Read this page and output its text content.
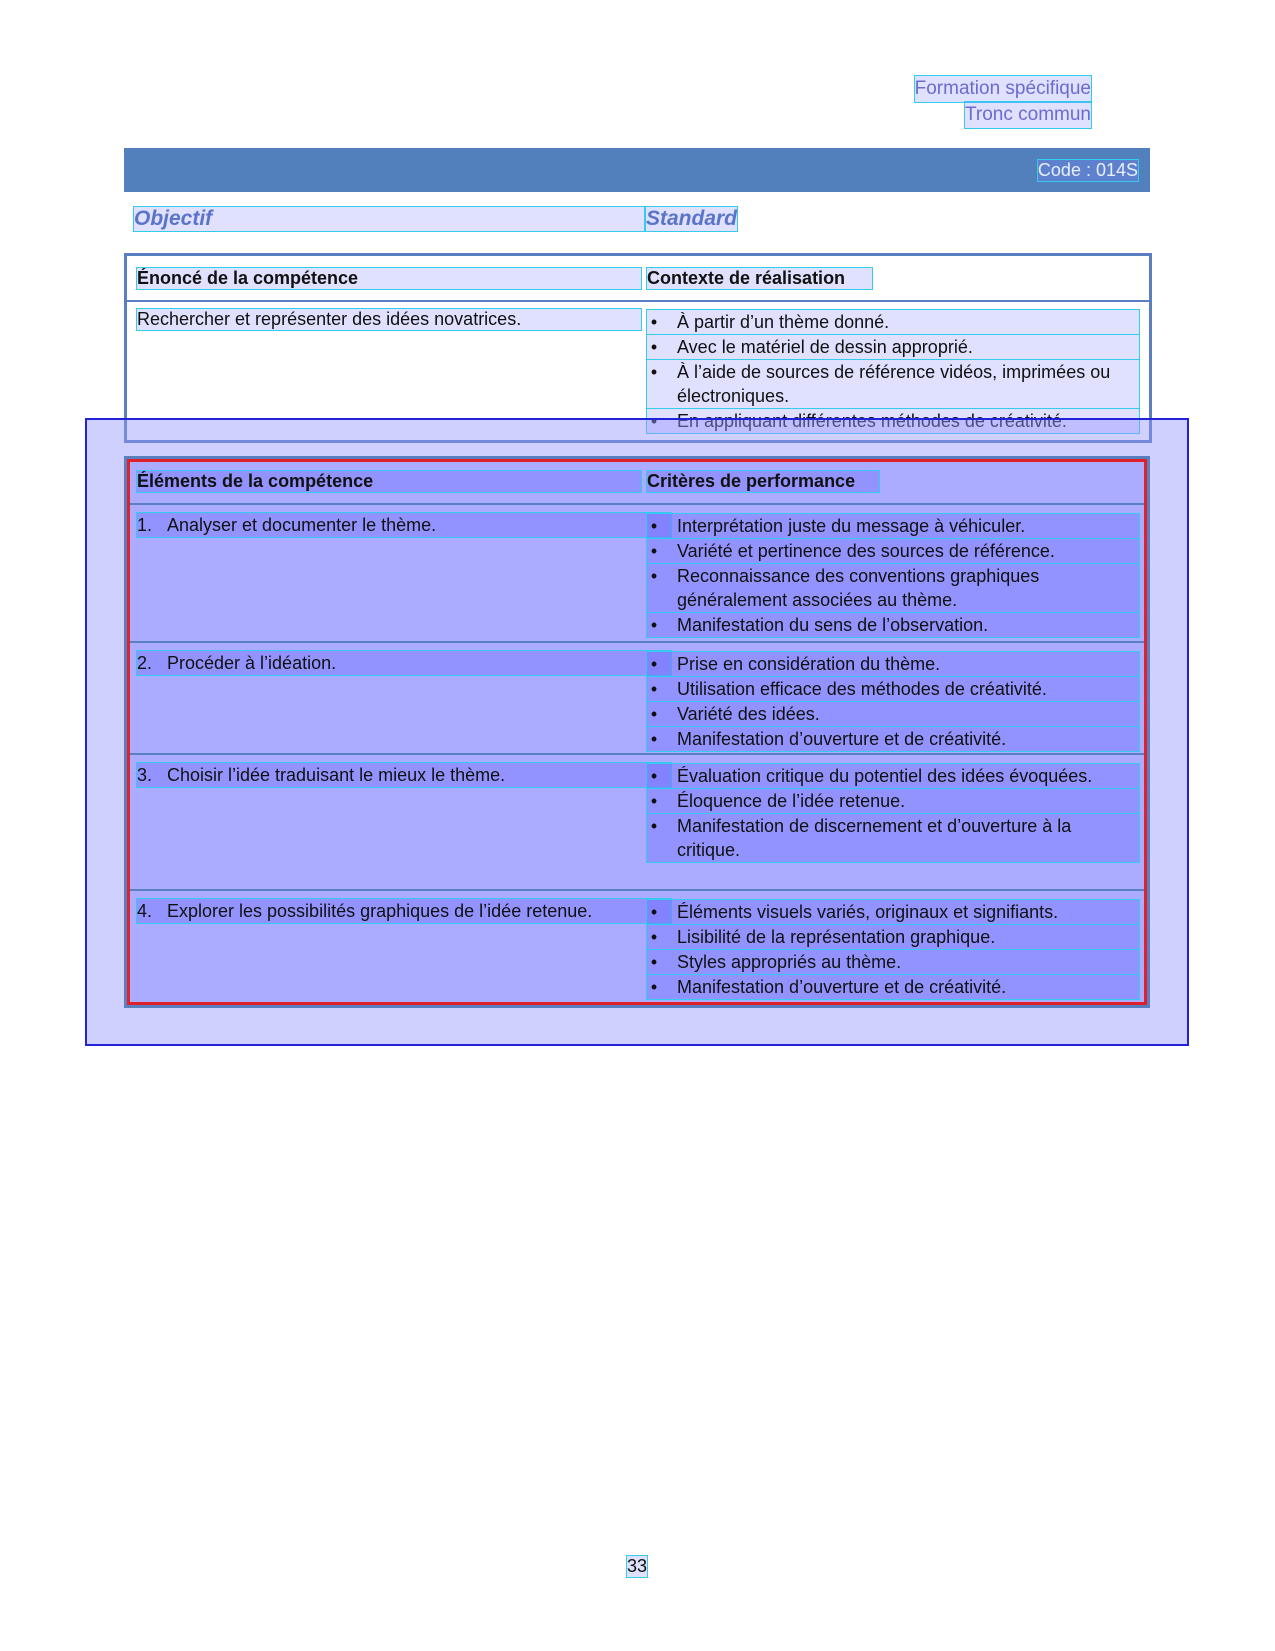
Formation spécifique
Tronc commun
Code : 014S
Objectif	Standard
Énoncé de la compétence	Contexte de réalisation
Rechercher et représenter des idées novatrices.	• À partir d’un thème donné.
• Avec le matériel de dessin approprié.
• À l’aide de sources de référence vidéos, imprimées ou électroniques.
• En appliquant différentes méthodes de créativité.
Éléments de la compétence	Critères de performance
1. Analyser et documenter le thème.	• Interprétation juste du message à véhiculer.
• Variété et pertinence des sources de référence.
• Reconnaissance des conventions graphiques généralement associées au thème.
• Manifestation du sens de l’observation.
2. Procéder à l’idéation.	• Prise en considération du thème.
• Utilisation efficace des méthodes de créativité.
• Variété des idées.
• Manifestation d’ouverture et de créativité.
3. Choisir l’idée traduisant le mieux le thème.	• Évaluation critique du potentiel des idées évoquées.
• Éloquence de l’idée retenue.
• Manifestation de discernement et d’ouverture à la critique.
4. Explorer les possibilités graphiques de l’idée retenue.	• Éléments visuels variés, originaux et signifiants.
• Lisibilité de la représentation graphique.
• Styles appropriés au thème.
• Manifestation d’ouverture et de créativité.
33
